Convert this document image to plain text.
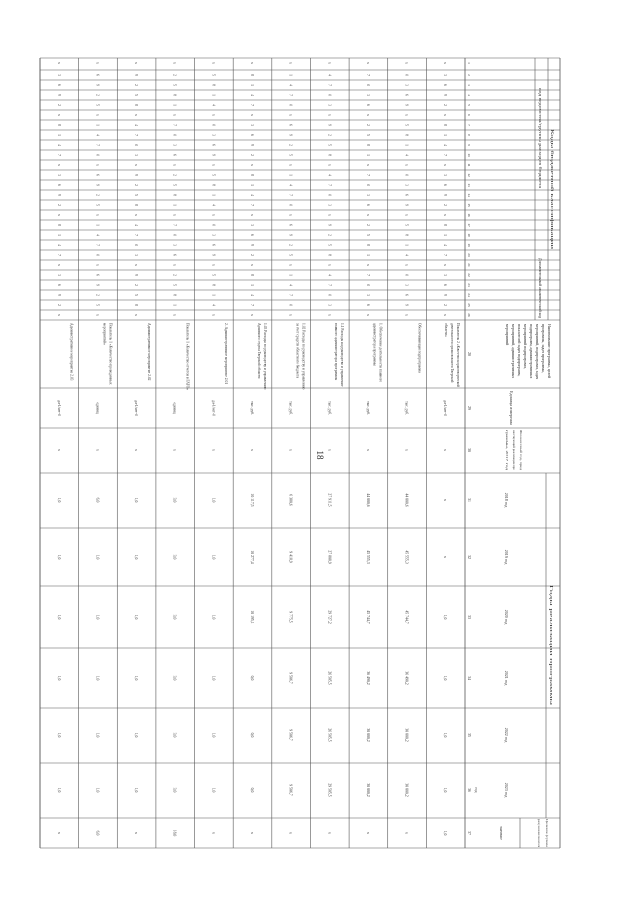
18
Коды бюджетной классификации
код ведомства/группы расходов бюджета
Дополнительный аналитический код
1
2
3
4
5
6
7
8
9
10
11
12
13
14
15
16
17
18
19
20
21
22
23
24
25
26
Наименование программы, целей
программы, задач программы,
мероприятий, подпрограмм, задач
подпрограмм, административных
мероприятий подпрограмм,
показателей задач подпрограмм,
мероприятий, административных
мероприятий
Единица измерения
Финансовый год, пред
шествующий реализации про
граммы, 2017 год
Годы реализации программы
2018 год
2019 год
2020 год
2021 год
2022 год
2023 год
Целевое (сумма
рное) значение показателя
год
значение
28
29
30
31
32
33
34
35
36
37
х
3
6
9
2
х
8
1
4
7
х
3
6
9
2
х
8
1
4
7
х
3
6
9
2
х
Показатель 2 «Качество нормотворческой
деятельности органов власти Тверской
области»
да-1/нет-0
х
х
х
1,0
1,0
1,0
1,0
1,0
х
0
3
6
9
х
5
8
1
4
х
0
3
6
9
х
5
8
1
4
х
0
3
6
9
х
Обеспечивающая подпрограмма
тыс. руб.
х
44 000,6
45 555,3
45 744,7
36 490,2
30 000,2
30 000,2
х
х
7
0
3
6
х
2
5
8
1
х
7
0
3
6
х
2
5
8
1
х
7
0
3
6
х
1. Обеспечение деятельности главного
администратора программы
тыс. руб.
х
44 000,6
45 555,3
45 744,7
36 490,2
30 000,2
30 000,2
х
х
4
7
0
3
х
9
2
5
8
х
4
7
0
3
х
9
2
5
8
х
4
7
0
3
х
1.1 Расходы на руководство и управление
главного администратора программы
тыс. руб.
х
27 911,5
27 808,9
29 727,2
26 505,5
26 505,5
29 505,5
х
х
1
4
7
0
х
6
9
2
5
х
1
4
7
0
х
6
9
2
5
х
1
4
7
0
х
1.02 Расходы по руководству и управлению
за счет средств областного бюджета
тыс. руб.
х
6 380,6
9 418,9
9 775,5
9 506,7
9 506,7
9 506,7
х
х
8
1
4
7
х
3
6
9
2
х
8
1
4
7
х
3
6
9
2
х
8
1
4
7
х
1.03 Расходы по руководству и управлению
Архивного отдела Тверской области
тыс. руб.
х
10 117,5
10 277,4
10 195,1
0,0
0,0
0,0
х
х
5
8
1
4
х
0
3
6
9
х
5
8
1
4
х
0
3
6
9
х
5
8
1
4
х
2. Административное мероприятие 2.01
да-1/нет-0
х
1,0
1,0
1,0
1,0
1,0
1,0
х
х
2
5
8
1
х
7
0
3
6
х
2
5
8
1
х
7
0
3
6
х
2
5
8
1
х
Показатель 1 «Количество отчетов в ГАТО»
единиц
х
3,0
3,0
3,0
3,0
3,0
3,0
18,0
х
9
2
5
8
х
4
7
0
3
х
9
2
5
8
х
4
7
0
3
х
9
2
5
8
х
Административное мероприятие 2.02
да-1/нет-0
х
1,0
1,0
1,0
1,0
1,0
1,0
х
х
6
9
2
5
х
1
4
7
0
х
6
9
2
5
х
1
4
7
0
х
6
9
2
5
х
Показатель 1 «Количество проведенных
мероприятий»
единиц
х
6,0
1,0
1,0
1,0
1,0
1,0
6,0
х
3
6
9
2
х
8
1
4
7
х
3
6
9
2
х
8
1
4
7
х
3
6
9
2
х
Административное мероприятие 2.03
да-1/нет-0
х
1,0
1,0
1,0
1,0
1,0
1,0
х
